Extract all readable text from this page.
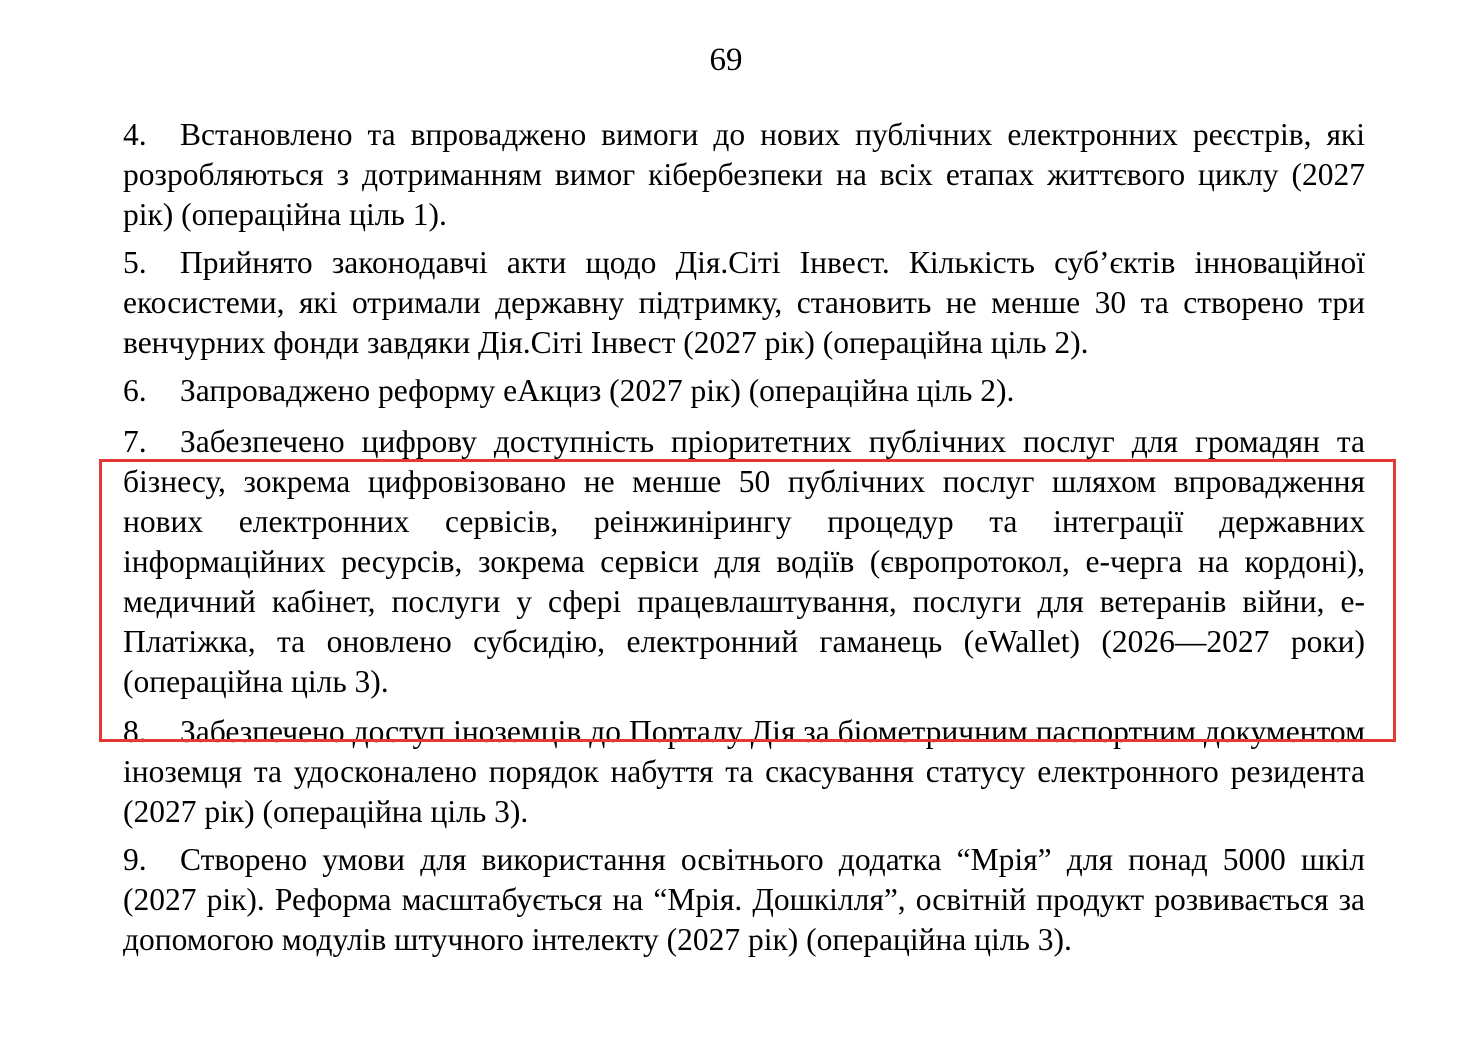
69

4. Встановлено та впроваджено вимоги до нових публічних електронних реєстрів, які розробляються з дотриманням вимог кібербезпеки на всіх етапах життєвого циклу (2027 рік) (операційна ціль 1).

5. Прийнято законодавчі акти щодо Дія.Сіті Інвест. Кількість суб’єктів інноваційної екосистеми, які отримали державну підтримку, становить не менше 30 та створено три венчурних фонди завдяки Дія.Сіті Інвест (2027 рік) (операційна ціль 2).

6. Запроваджено реформу еАкциз (2027 рік) (операційна ціль 2).

7. Забезпечено цифрову доступність пріоритетних публічних послуг для громадян та бізнесу, зокрема цифровізовано не менше 50 публічних послуг шляхом впровадження нових електронних сервісів, реінжинірингу процедур та інтеграції державних інформаційних ресурсів, зокрема сервіси для водіїв (європротокол, е-черга на кордоні), медичний кабінет, послуги у сфері працевлаштування, послуги для ветеранів війни, е-Платіжка, та оновлено субсидію, електронний гаманець (eWallet) (2026—2027 роки) (операційна ціль 3).

8. Забезпечено доступ іноземців до Порталу Дія за біометричним паспортним документом іноземця та удосконалено порядок набуття та скасування статусу електронного резидента (2027 рік) (операційна ціль 3).

9. Створено умови для використання освітнього додатка “Мрія” для понад 5000 шкіл (2027 рік). Реформа масштабується на “Мрія. Дошкілля”, освітній продукт розвивається за допомогою модулів штучного інтелекту (2027 рік) (операційна ціль 3).
